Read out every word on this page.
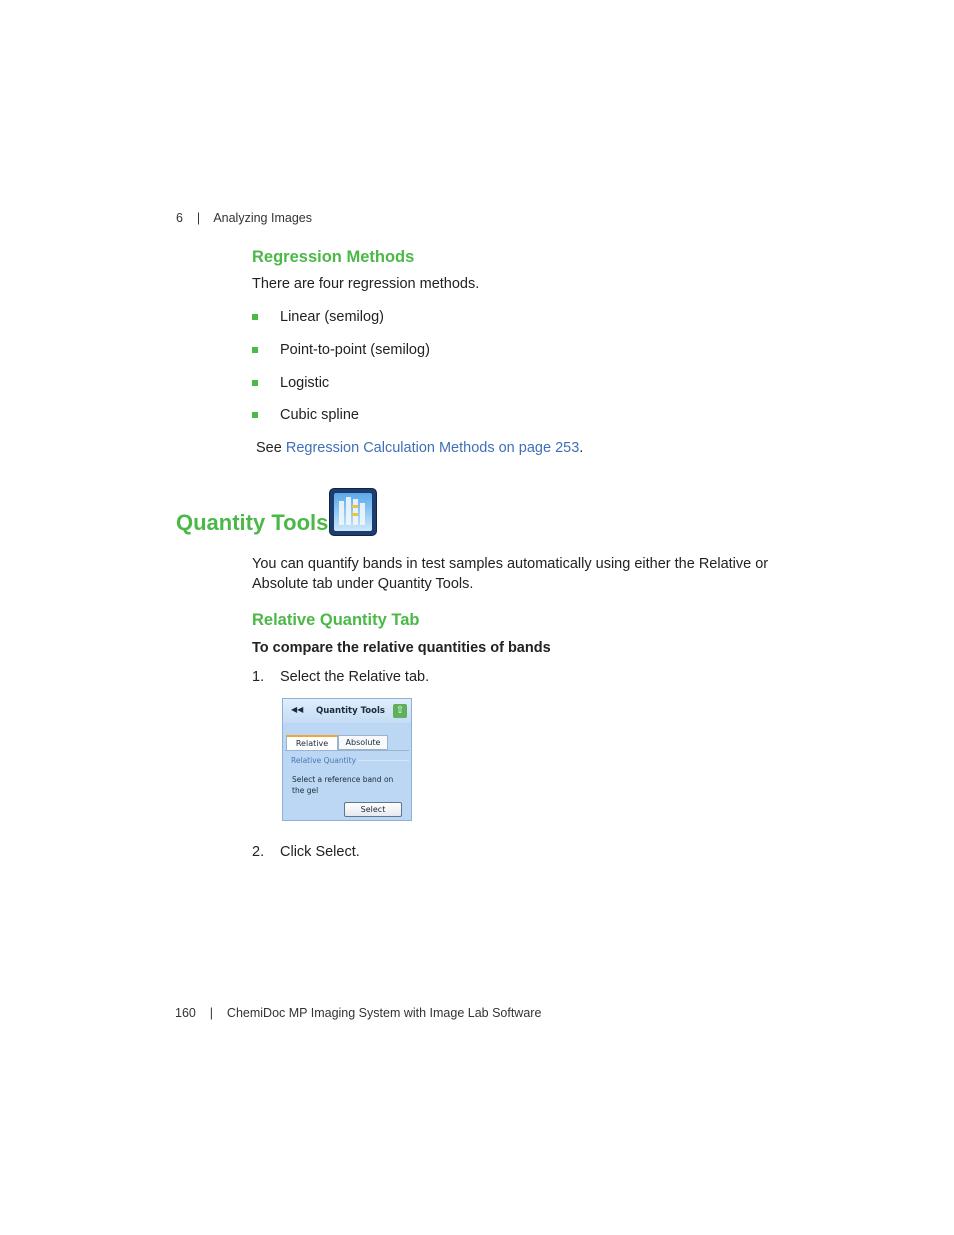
6 | Analyzing Images
Regression Methods
There are four regression methods.
Linear (semilog)
Point-to-point (semilog)
Logistic
Cubic spline
See Regression Calculation Methods on page 253.
Quantity Tools
You can quantify bands in test samples automatically using either the Relative or
Absolute tab under Quantity Tools.
Relative Quantity Tab
To compare the relative quantities of bands
1. Select the Relative tab.
◀◀ Quantity Tools ⇧
Relative	Absolute
Relative Quantity
Select a reference band on the gel
Select
2. Click Select.
160 | ChemiDoc MP Imaging System with Image Lab Software
